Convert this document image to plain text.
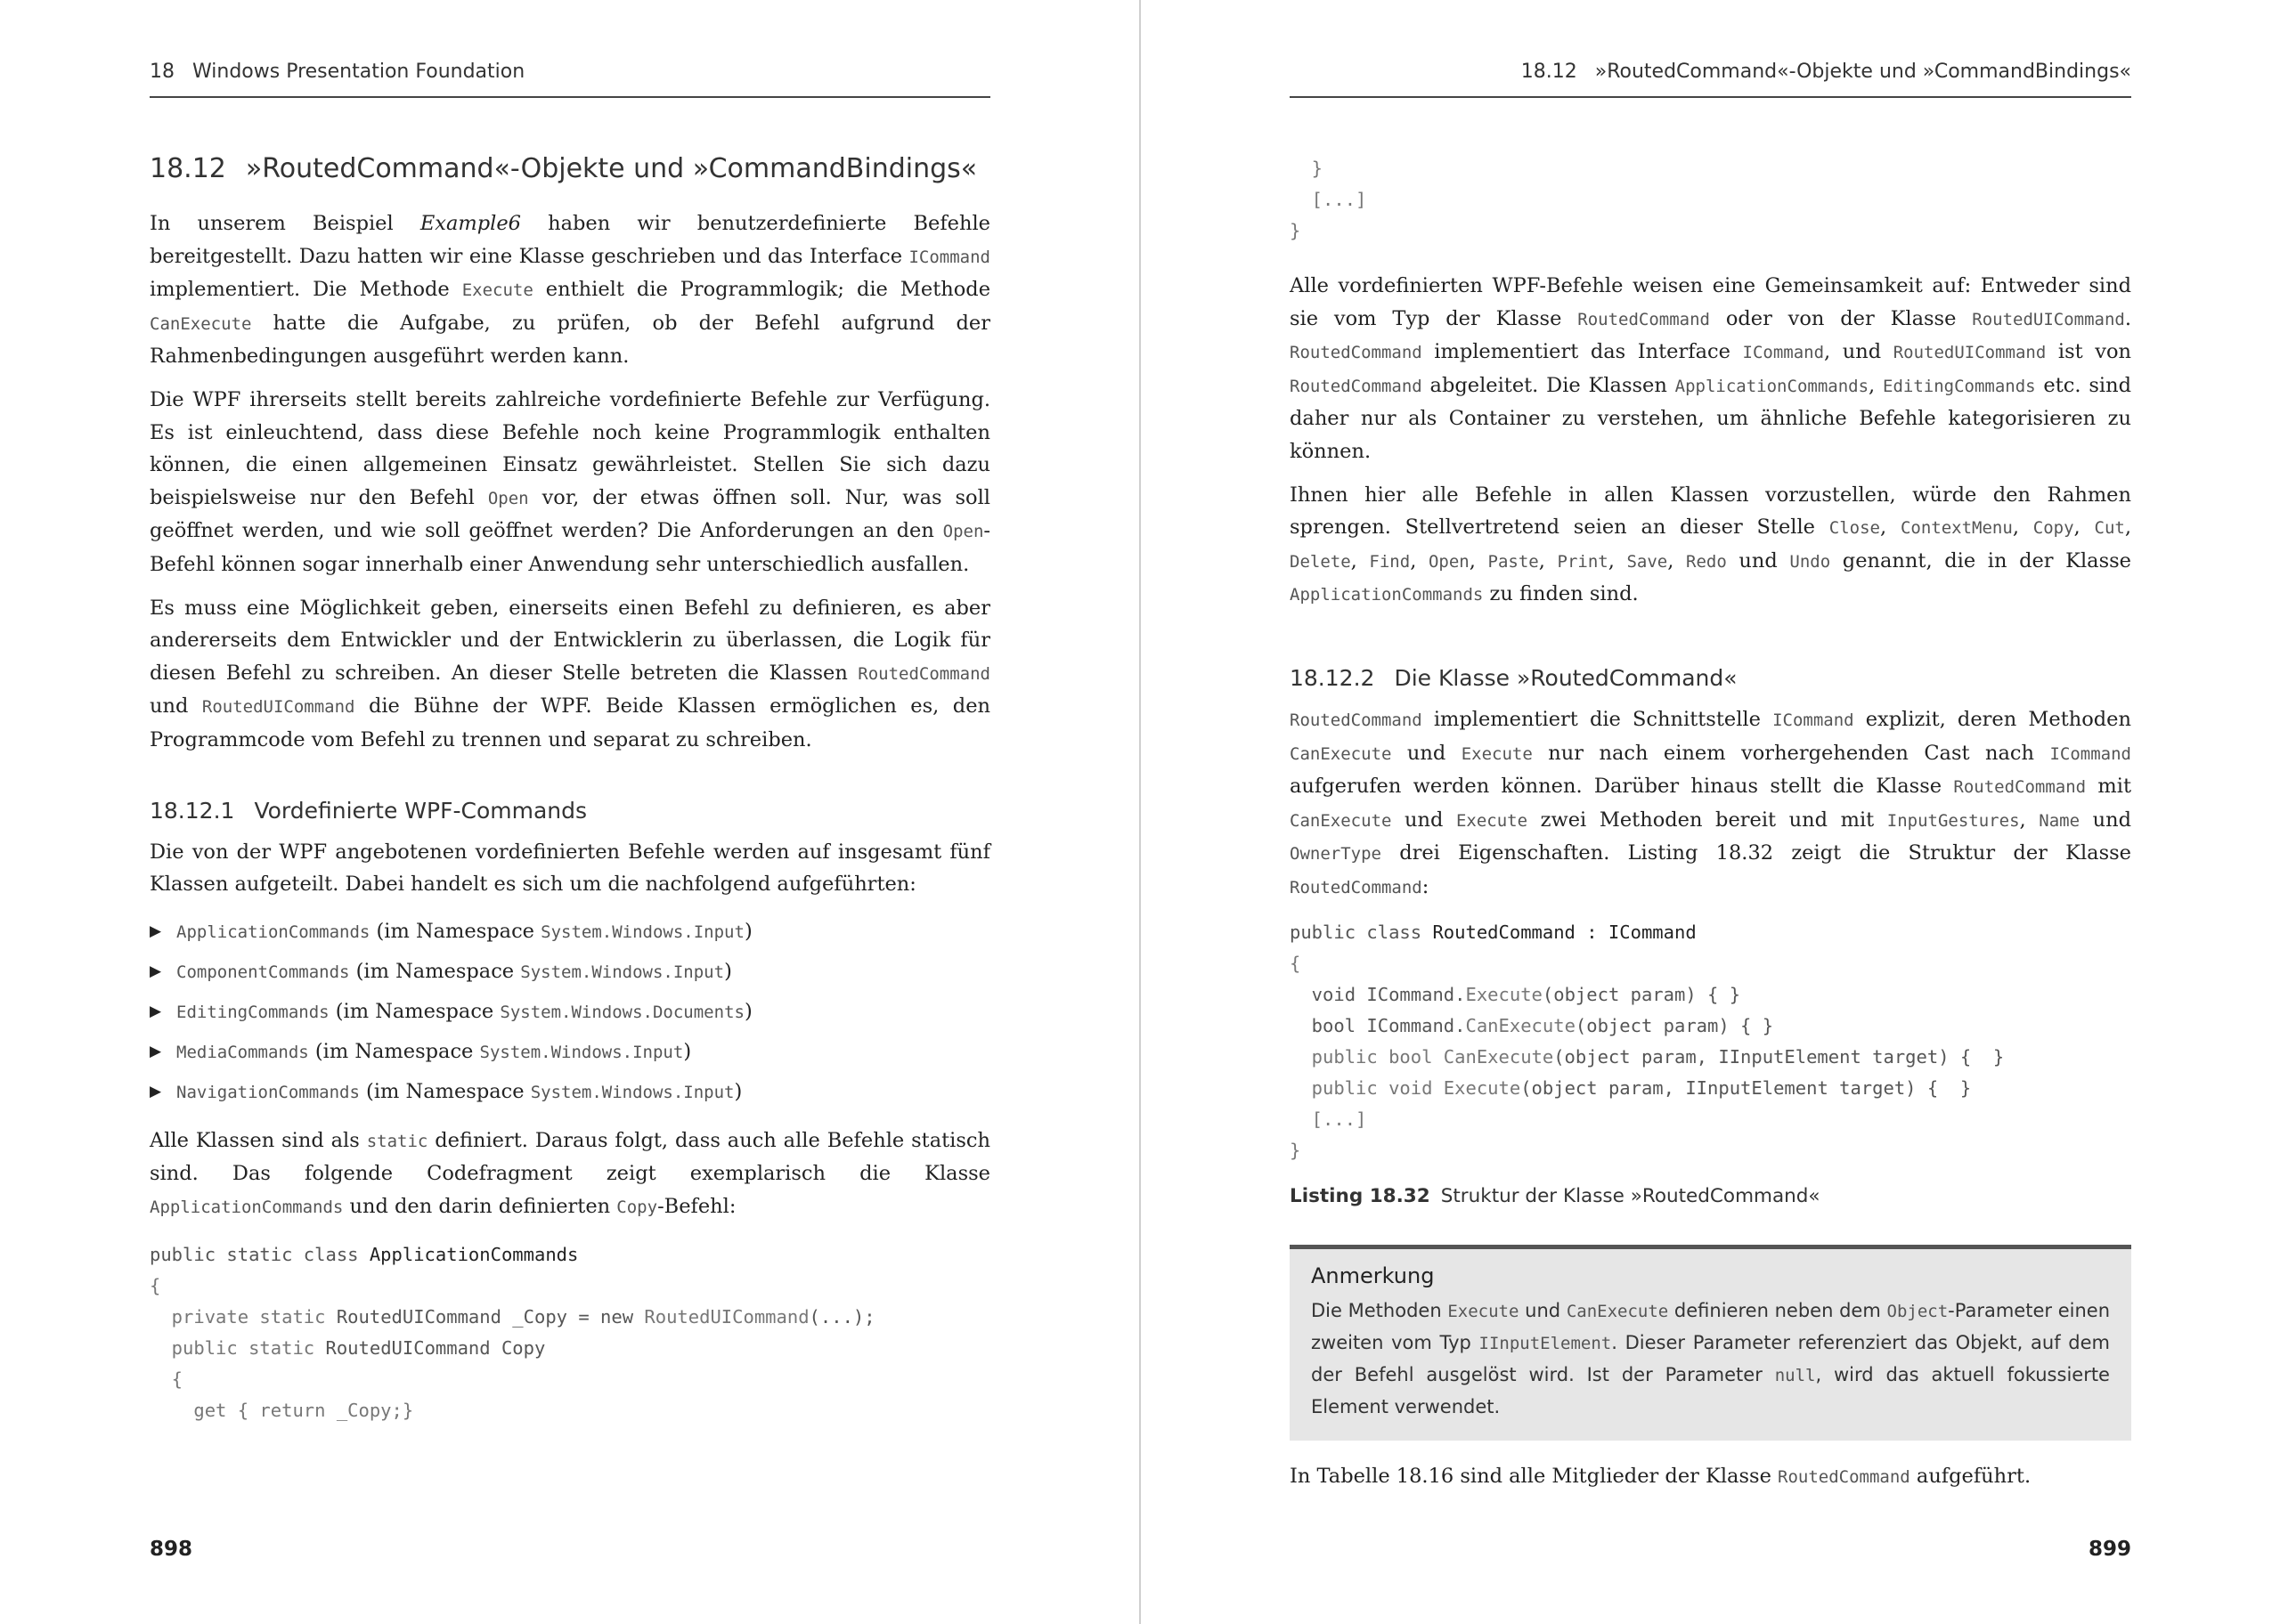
18 Windows Presentation Foundation
18.12 »RoutedCommand«-Objekte und »CommandBindings«

In unserem Beispiel Example6 haben wir benutzerdefinierte Befehle bereitgestellt. Dazu hatten wir eine Klasse geschrieben und das Interface ICommand implementiert. Die Methode Execute enthielt die Programmlogik; die Methode CanExecute hatte die Aufgabe, zu prüfen, ob der Befehl aufgrund der Rahmenbedingungen ausgeführt werden kann.

Die WPF ihrerseits stellt bereits zahlreiche vordefinierte Befehle zur Verfügung. Es ist einleuchtend, dass diese Befehle noch keine Programmlogik enthalten können, die einen allgemeinen Einsatz gewährleistet. Stellen Sie sich dazu beispielsweise nur den Befehl Open vor, der etwas öffnen soll. Nur, was soll geöffnet werden, und wie soll geöffnet werden? Die Anforderungen an den Open-Befehl können sogar innerhalb einer Anwendung sehr unterschiedlich ausfallen.

Es muss eine Möglichkeit geben, einerseits einen Befehl zu definieren, es aber andererseits dem Entwickler und der Entwicklerin zu überlassen, die Logik für diesen Befehl zu schreiben. An dieser Stelle betreten die Klassen RoutedCommand und RoutedUICommand die Bühne der WPF. Beide Klassen ermöglichen es, den Programmcode vom Befehl zu trennen und separat zu schreiben.

18.12.1 Vordefinierte WPF-Commands

Die von der WPF angebotenen vordefinierten Befehle werden auf insgesamt fünf Klassen aufgeteilt. Dabei handelt es sich um die nachfolgend aufgeführten:

▶ ApplicationCommands (im Namespace System.Windows.Input)
▶ ComponentCommands (im Namespace System.Windows.Input)
▶ EditingCommands (im Namespace System.Windows.Documents)
▶ MediaCommands (im Namespace System.Windows.Input)
▶ NavigationCommands (im Namespace System.Windows.Input)

Alle Klassen sind als static definiert. Daraus folgt, dass auch alle Befehle statisch sind. Das folgende Codefragment zeigt exemplarisch die Klasse ApplicationCommands und den darin definierten Copy-Befehl:

public static class ApplicationCommands
{
private static RoutedUICommand _Copy = new RoutedUICommand(...);
public static RoutedUICommand Copy
{
get { return _Copy;}
898
18.12 »RoutedCommand«-Objekte und »CommandBindings«
}
[...]
}

Alle vordefinierten WPF-Befehle weisen eine Gemeinsamkeit auf: Entweder sind sie vom Typ der Klasse RoutedCommand oder von der Klasse RoutedUICommand. RoutedCommand implementiert das Interface ICommand, und RoutedUICommand ist von RoutedCommand abgeleitet. Die Klassen ApplicationCommands, EditingCommands etc. sind daher nur als Container zu verstehen, um ähnliche Befehle kategorisieren zu können.

Ihnen hier alle Befehle in allen Klassen vorzustellen, würde den Rahmen sprengen. Stellvertretend seien an dieser Stelle Close, ContextMenu, Copy, Cut, Delete, Find, Open, Paste, Print, Save, Redo und Undo genannt, die in der Klasse ApplicationCommands zu finden sind.

18.12.2 Die Klasse »RoutedCommand«

RoutedCommand implementiert die Schnittstelle ICommand explizit, deren Methoden CanExecute und Execute nur nach einem vorhergehenden Cast nach ICommand aufgerufen werden können. Darüber hinaus stellt die Klasse RoutedCommand mit CanExecute und Execute zwei Methoden bereit und mit InputGestures, Name und OwnerType drei Eigenschaften. Listing 18.32 zeigt die Struktur der Klasse RoutedCommand:

public class RoutedCommand : ICommand
{
void ICommand.Execute(object param) { }
bool ICommand.CanExecute(object param) { }
public bool CanExecute(object param, IInputElement target) {  }
public void Execute(object param, IInputElement target) {  }
[...]
}

Listing 18.32 Struktur der Klasse »RoutedCommand«

Anmerkung

Die Methoden Execute und CanExecute definieren neben dem Object-Parameter einen zweiten vom Typ IInputElement. Dieser Parameter referenziert das Objekt, auf dem der Befehl ausgelöst wird. Ist der Parameter null, wird das aktuell fokussierte Element verwendet.

In Tabelle 18.16 sind alle Mitglieder der Klasse RoutedCommand aufgeführt.

899
